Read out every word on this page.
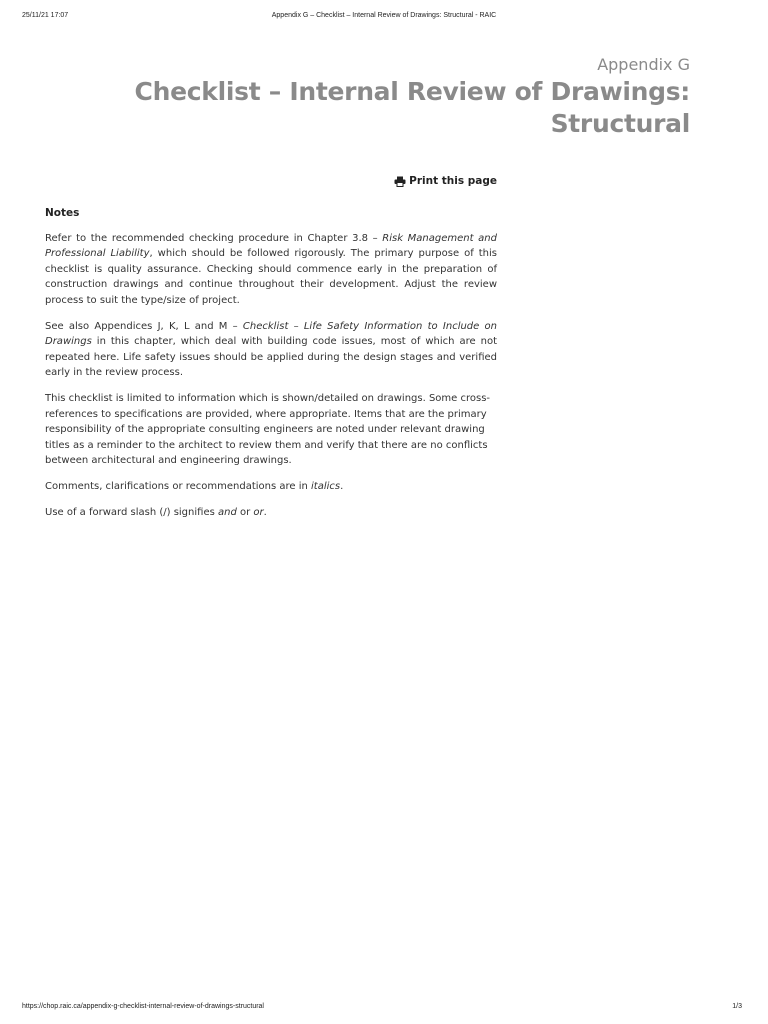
25/11/21 17:07	Appendix G – Checklist – Internal Review of Drawings: Structural - RAIC
Appendix G
Checklist – Internal Review of Drawings:
Structural
Print this page
Notes

Refer to the recommended checking procedure in Chapter 3.8 – Risk Management and Professional Liability, which should be followed rigorously. The primary purpose of this checklist is quality assurance. Checking should commence early in the preparation of construction drawings and continue throughout their development. Adjust the review process to suit the type/size of project.

See also Appendices J, K, L and M – Checklist – Life Safety Information to Include on Drawings in this chapter, which deal with building code issues, most of which are not repeated here. Life safety issues should be applied during the design stages and verified early in the review process.

This checklist is limited to information which is shown/detailed on drawings. Some cross-references to specifications are provided, where appropriate. Items that are the primary responsibility of the appropriate consulting engineers are noted under relevant drawing titles as a reminder to the architect to review them and verify that there are no conflicts between architectural and engineering drawings.

Comments, clarifications or recommendations are in italics.

Use of a forward slash (/) signifies and or or.

https://chop.raic.ca/appendix-g-checklist-internal-review-of-drawings-structural	1/3
